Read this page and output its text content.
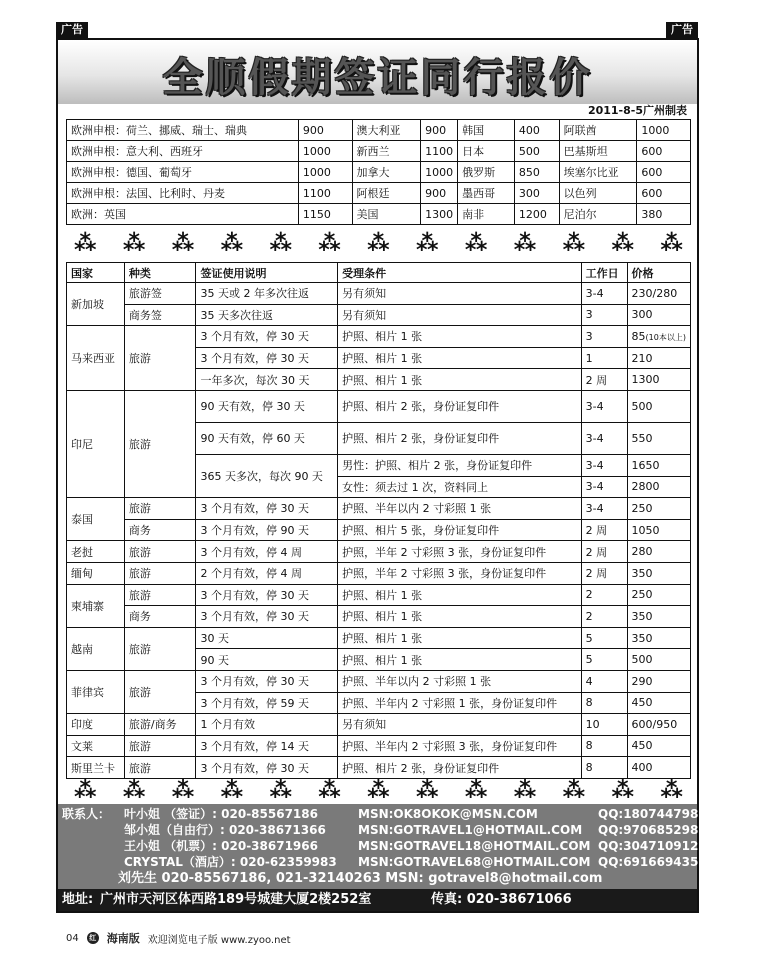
广告	广告
全顺假期签证同行报价
2011-8-5广州制表
欧洲申根：荷兰、挪威、瑞士、瑞典	900	澳大利亚	900	韩国	400	阿联酋	1000
欧洲申根：意大利、西班牙	1000	新西兰	1100	日本	500	巴基斯坦	600
欧洲申根：德国、葡萄牙	1000	加拿大	1000	俄罗斯	850	埃塞尔比亚	600
欧洲申根：法国、比利时、丹麦	1100	阿根廷	900	墨西哥	300	以色列	600
欧洲：英国	1150	美国	1300	南非	1200	尼泊尔	380
⁂ ⁂ ⁂ ⁂ ⁂ ⁂ ⁂ ⁂ ⁂ ⁂ ⁂ ⁂ ⁂
国家	种类	签证使用说明	受理条件	工作日	价格
新加坡	旅游签	35 天或 2 年多次往返	另有须知	3-4	230/280
	商务签	35 天多次往返	另有须知	3	300
马来西亚	旅游	3 个月有效，停 30 天	护照、相片 1 张	3	85(10本以上)
		3 个月有效，停 30 天	护照、相片 1 张	1	210
		一年多次，每次 30 天	护照、相片 1 张	2 周	1300
印尼	旅游	90 天有效，停 30 天	护照、相片 2 张，身份证复印件	3-4	500
		90 天有效，停 60 天	护照、相片 2 张，身份证复印件	3-4	550
		365 天多次，每次 90 天	男性：护照、相片 2 张，身份证复印件	3-4	1650
			女性：须去过 1 次，资料同上	3-4	2800
泰国	旅游	3 个月有效，停 30 天	护照、半年以内 2 寸彩照 1 张	3-4	250
	商务	3 个月有效，停 90 天	护照、相片 5 张，身份证复印件	2 周	1050
老挝	旅游	3 个月有效，停 4 周	护照，半年 2 寸彩照 3 张，身份证复印件	2 周	280
缅甸	旅游	2 个月有效，停 4 周	护照，半年 2 寸彩照 3 张，身份证复印件	2 周	350
柬埔寨	旅游	3 个月有效，停 30 天	护照、相片 1 张	2	250
	商务	3 个月有效，停 30 天	护照、相片 1 张	2	350
越南	旅游	30 天	护照、相片 1 张	5	350
		90 天	护照、相片 1 张	5	500
菲律宾	旅游	3 个月有效，停 30 天	护照、半年以内 2 寸彩照 1 张	4	290
		3 个月有效，停 59 天	护照、半年内 2 寸彩照 1 张，身份证复印件	8	450
印度	旅游/商务	1 个月有效	另有须知	10	600/950
文莱	旅游	3 个月有效，停 14 天	护照、半年内 2 寸彩照 3 张，身份证复印件	8	450
斯里兰卡	旅游	3 个月有效，停 30 天	护照、相片 2 张，身份证复印件	8	400
⁂ ⁂ ⁂ ⁂ ⁂ ⁂ ⁂ ⁂ ⁂ ⁂ ⁂ ⁂ ⁂
联系人： 叶小姐 （签证）: 020-85567186	MSN:OK8OKOK@MSN.COM	QQ:1807447985
邹小姐（自由行）: 020-38671366	MSN:GOTRAVEL1@HOTMAIL.COM QQ:970685298
王小姐 （机票）: 020-38671966	MSN:GOTRAVEL18@HOTMAIL.COM QQ:304710912
CRYSTAL（酒店）: 020-62359983 MSN:GOTRAVEL68@HOTMAIL.COM QQ:691669435
刘先生 020-85567186, 021-32140263 MSN: gotravel8@hotmail.com
地址: 广州市天河区体西路189号城建大厦2楼252室	传真: 020-38671066
04	红 海南版 欢迎浏览电子版 www.zyoo.net
